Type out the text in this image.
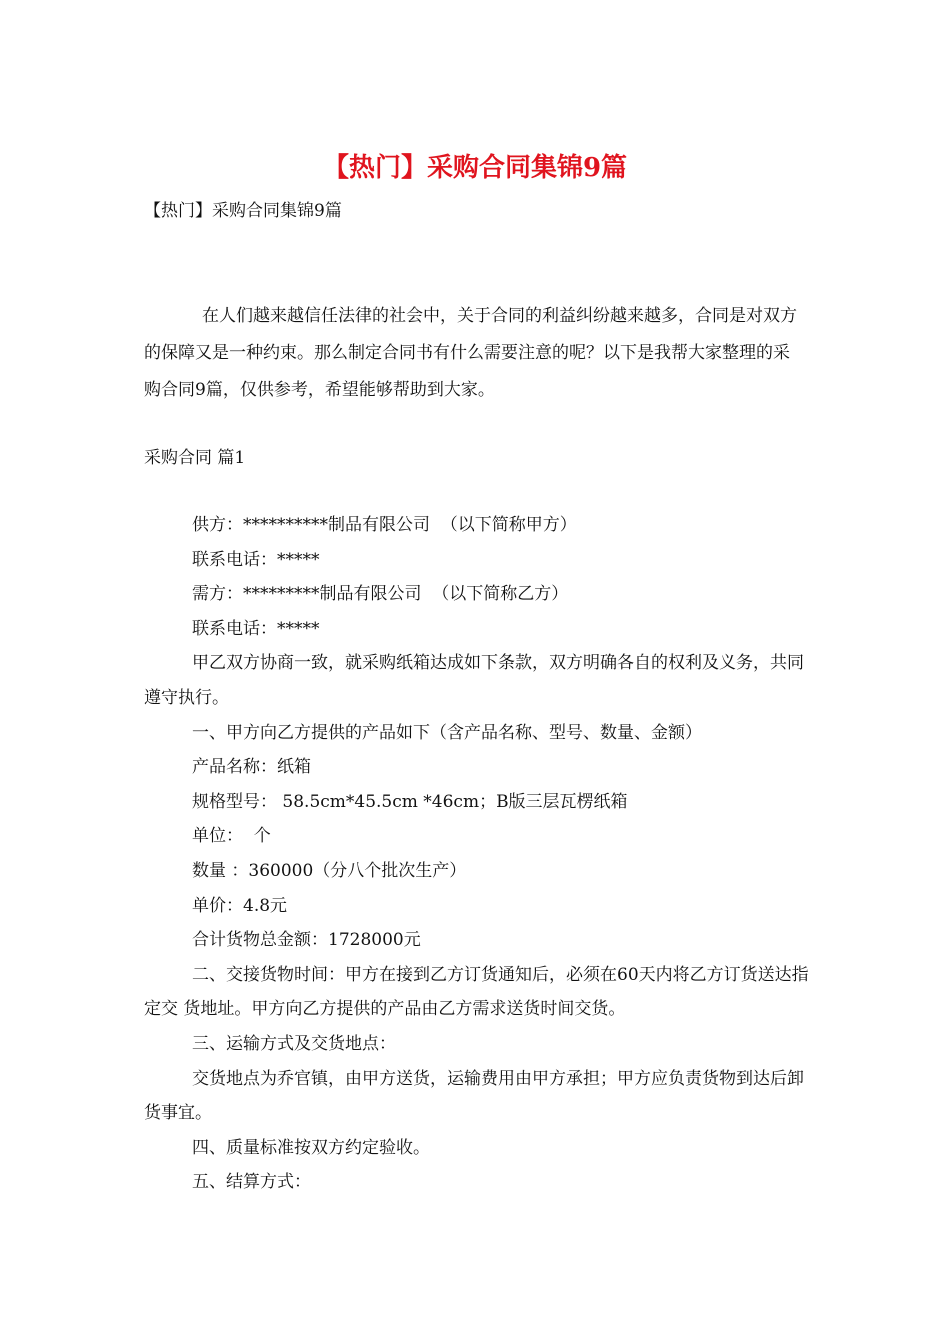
【热门】采购合同集锦9篇
【热门】采购合同集锦9篇

在人们越来越信任法律的社会中，关于合同的利益纠纷越来越多，合同是对双方的保障又是一种约束。那么制定合同书有什么需要注意的呢？以下是我帮大家整理的采购合同9篇，仅供参考，希望能够帮助到大家。

采购合同 篇1

供方：**********制品有限公司  （以下简称甲方）

联系电话：*****

需方：*********制品有限公司  （以下简称乙方）

联系电话：*****

甲乙双方协商一致，就采购纸箱达成如下条款，双方明确各自的权利及义务，共同遵守执行。

一、甲方向乙方提供的产品如下（含产品名称、型号、数量、金额）

产品名称：纸箱

规格型号： 58.5cm*45.5cm *46cm；B版三层瓦楞纸箱

单位：  个

数量 ：360000（分八个批次生产）

单价：4.8元

合计货物总金额：1728000元

二、交接货物时间：甲方在接到乙方订货通知后，必须在60天内将乙方订货送达指定交 货地址。甲方向乙方提供的产品由乙方需求送货时间交货。

三、运输方式及交货地点：

交货地点为乔官镇，由甲方送货，运输费用由甲方承担；甲方应负责货物到达后卸货事宜。

四、质量标准按双方约定验收。

五、结算方式：
